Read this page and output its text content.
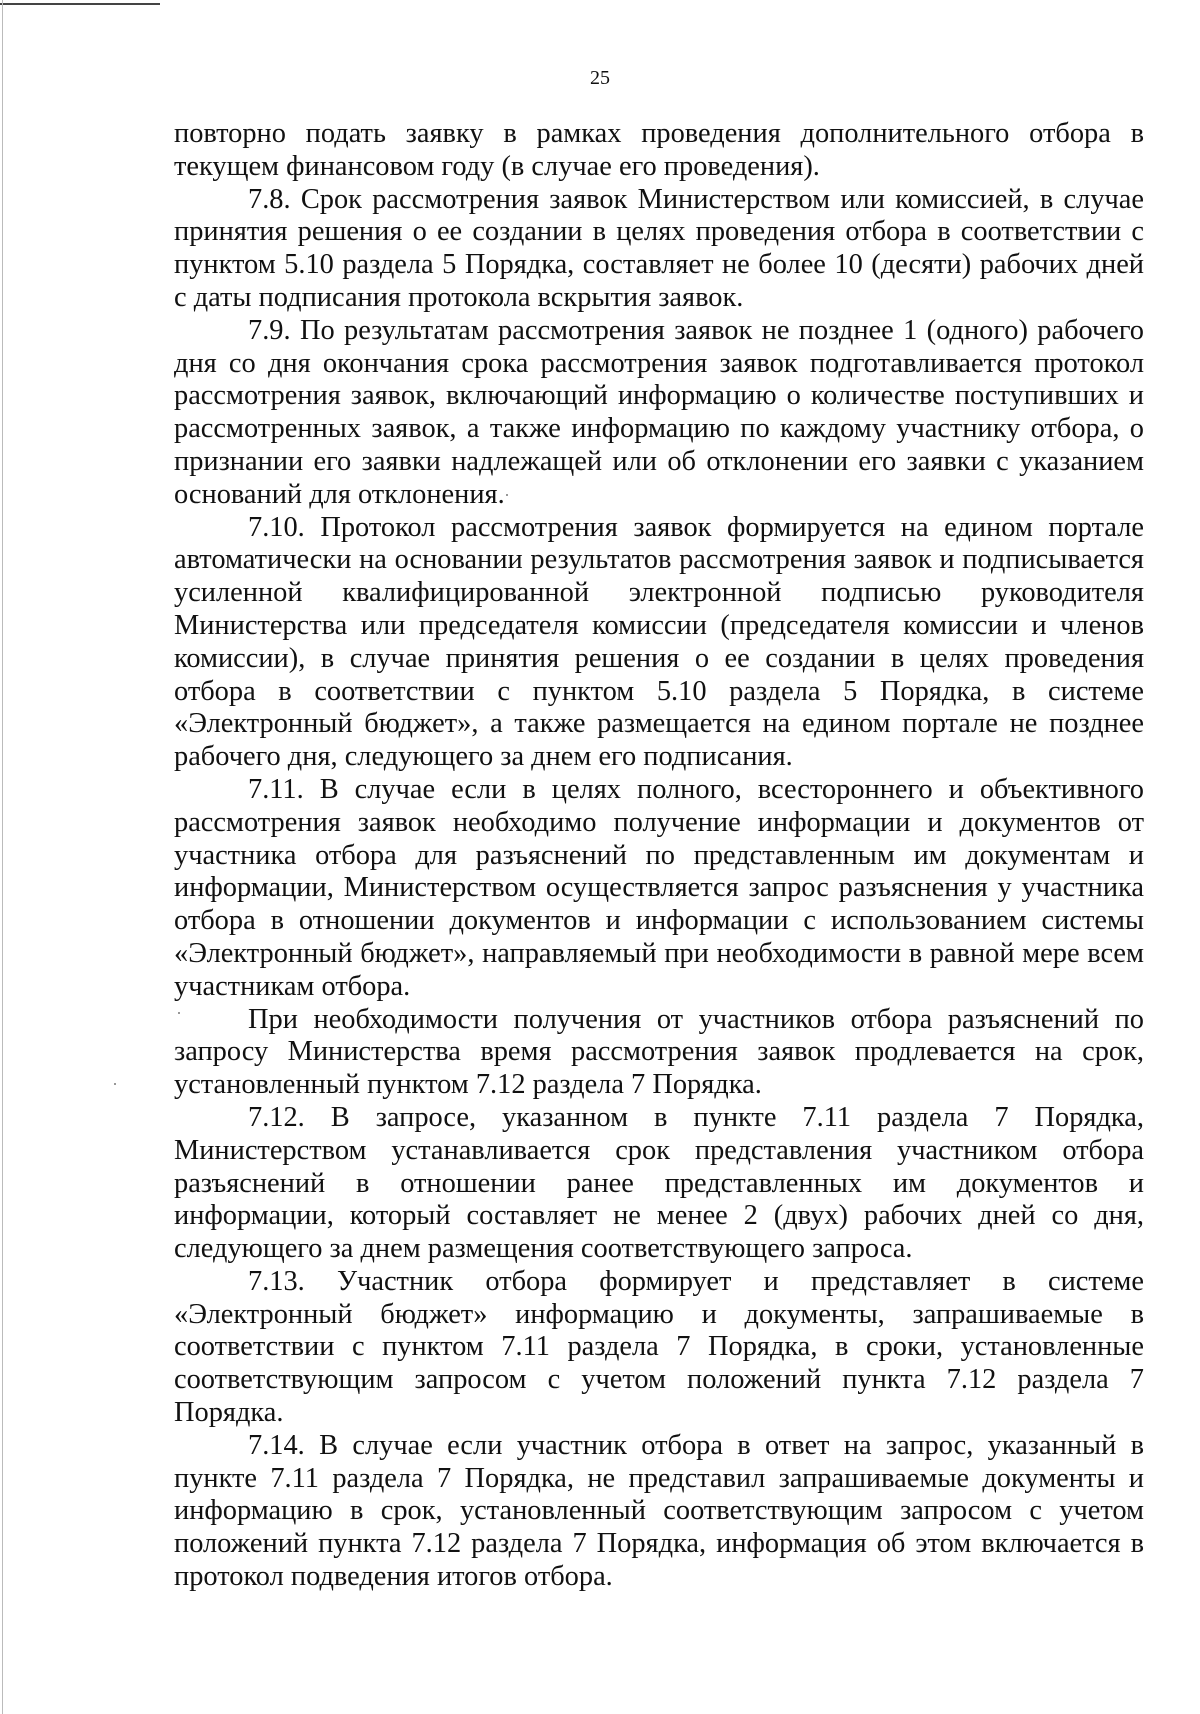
25

повторно подать заявку в рамках проведения дополнительного отбора в текущем финансовом году (в случае его проведения).

7.8. Срок рассмотрения заявок Министерством или комиссией, в случае принятия решения о ее создании в целях проведения отбора в соответствии с пунктом 5.10 раздела 5 Порядка, составляет не более 10 (десяти) рабочих дней с даты подписания протокола вскрытия заявок.

7.9. По результатам рассмотрения заявок не позднее 1 (одного) рабочего дня со дня окончания срока рассмотрения заявок подготавливается протокол рассмотрения заявок, включающий информацию о количестве поступивших и рассмотренных заявок, а также информацию по каждому участнику отбора, о признании его заявки надлежащей или об отклонении его заявки с указанием оснований для отклонения.

7.10. Протокол рассмотрения заявок формируется на едином портале автоматически на основании результатов рассмотрения заявок и подписывается усиленной квалифицированной электронной подписью руководителя Министерства или председателя комиссии (председателя комиссии и членов комиссии), в случае принятия решения о ее создании в целях проведения отбора в соответствии с пунктом 5.10 раздела 5 Порядка, в системе «Электронный бюджет», а также размещается на едином портале не позднее рабочего дня, следующего за днем его подписания.

7.11. В случае если в целях полного, всестороннего и объективного рассмотрения заявок необходимо получение информации и документов от участника отбора для разъяснений по представленным им документам и информации, Министерством осуществляется запрос разъяснения у участника отбора в отношении документов и информации с использованием системы «Электронный бюджет», направляемый при необходимости в равной мере всем участникам отбора.

При необходимости получения от участников отбора разъяснений по запросу Министерства время рассмотрения заявок продлевается на срок, установленный пунктом 7.12 раздела 7 Порядка.

7.12. В запросе, указанном в пункте 7.11 раздела 7 Порядка, Министерством устанавливается срок представления участником отбора разъяснений в отношении ранее представленных им документов и информации, который составляет не менее 2 (двух) рабочих дней со дня, следующего за днем размещения соответствующего запроса.

7.13. Участник отбора формирует и представляет в системе «Электронный бюджет» информацию и документы, запрашиваемые в соответствии с пунктом 7.11 раздела 7 Порядка, в сроки, установленные соответствующим запросом с учетом положений пункта 7.12 раздела 7 Порядка.

7.14. В случае если участник отбора в ответ на запрос, указанный в пункте 7.11 раздела 7 Порядка, не представил запрашиваемые документы и информацию в срок, установленный соответствующим запросом с учетом положений пункта 7.12 раздела 7 Порядка, информация об этом включается в протокол подведения итогов отбора.
